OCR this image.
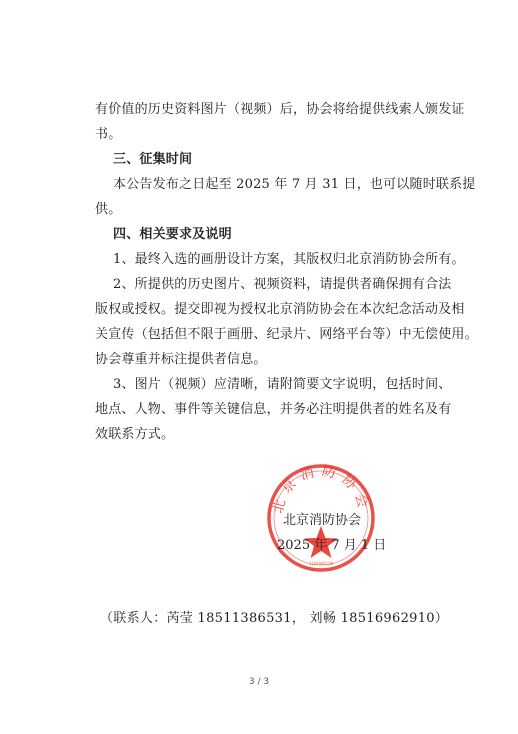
有价值的历史资料图片（视频）后，协会将给提供线索人颁发证
书。
三、征集时间
本公告发布之日起至 2025 年 7 月 31 日，也可以随时联系提
供。
四、相关要求及说明
1、最终入选的画册设计方案，其版权归北京消防协会所有。
2、所提供的历史图片、视频资料，请提供者确保拥有合法
版权或授权。提交即视为授权北京消防协会在本次纪念活动及相
关宣传（包括但不限于画册、纪录片、网络平台等）中无偿使用。
协会尊重并标注提供者信息。
3、图片（视频）应清晰，请附简要文字说明，包括时间、
地点、人物、事件等关键信息，并务必注明提供者的姓名及有
效联系方式。
北京消防协会
1100000100
北京消防协会
2025 年 7 月 1 日
（联系人：芮莹 18511386531， 刘畅 18516962910）
3 / 3
